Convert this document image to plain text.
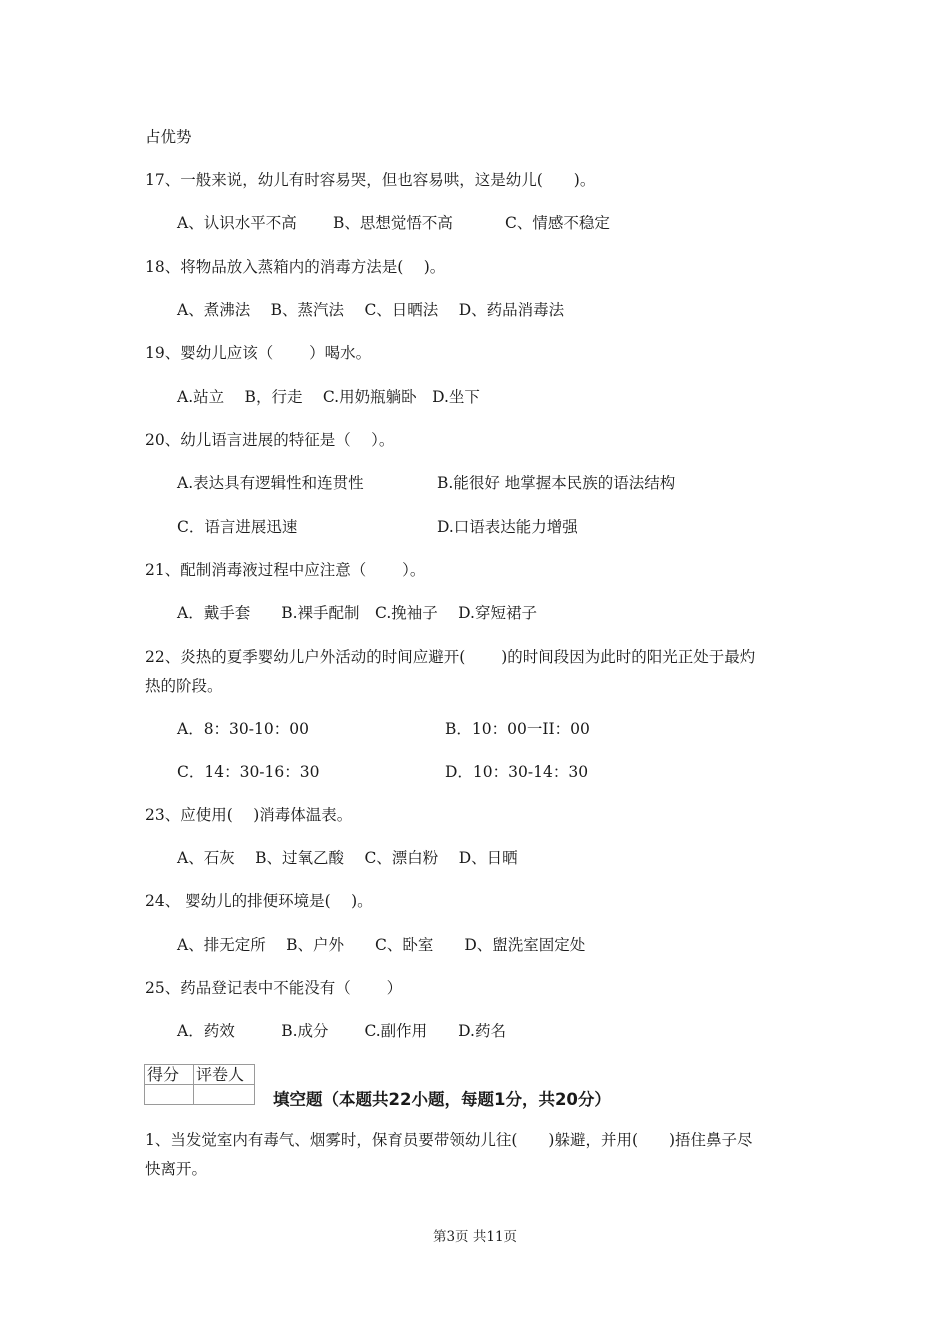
占优势
17、一般来说，幼儿有时容易哭，但也容易哄，这是幼儿(　　)。
A、认识水平不高 B、思想觉悟不高	C、情感不稳定
18、将物品放入蒸箱内的消毒方法是(　 )。
A、煮沸法　 B、蒸汽法　 C、日晒法　 D、药品消毒法
19、婴幼儿应该（　　 ）喝水。
A.站立　 B，行走　 C.用奶瓶躺卧　D.坐下
20、幼儿语言进展的特征是（　 ）。
A.表达具有逻辑性和连贯性	B.能很好 地掌握本民族的语法结构
C．语言进展迅速	D.口语表达能力增强
21、配制消毒液过程中应注意（　　 ）。
A．戴手套　　B.裸手配制　C.挽袖子　 D.穿短裙子
22、炎热的夏季婴幼儿户外活动的时间应避开(　　 )的时间段因为此时的阳光正处于最灼
热的阶段。
A．8：30-10：00	B．10：00一II：00
C．14：30-16：30	D．10：30-14：30
23、应使用(　 )消毒体温表。
A、石灰　 B、过氧乙酸　 C、漂白粉　 D、日晒
24、 婴幼儿的排便环境是(　 )。
A、排无定所　 B、户外　　C、卧室　　D、盥洗室固定处
25、药品登记表中不能没有（　　 ）
A．药效　　　B.成分　　 C.副作用　　D.药名
得分	评卷人

填空题（本题共22小题，每题1分，共20分）
1、当发觉室内有毒气、烟雾时，保育员要带领幼儿往(　　)躲避，并用(　　)捂住鼻子尽
快离开。
第3页 共11页
